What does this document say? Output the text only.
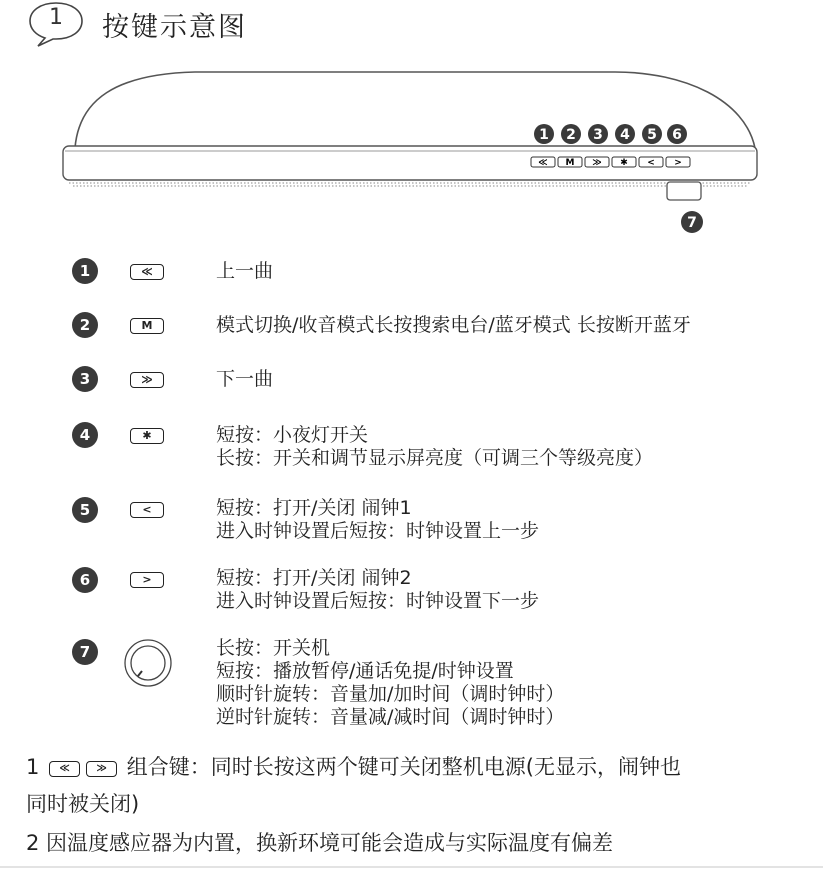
1 按键示意图
1 2 3 4 5 6
≪ M ≫ ✱ < >
7
1	≪	上一曲
2	M	模式切换/收音模式长按搜索电台/蓝牙模式 长按断开蓝牙
3	≫	下一曲
4	✱	短按：小夜灯开关
长按：开关和调节显示屏亮度（可调三个等级亮度）
5	<	短按：打开/关闭 闹钟1
进入时钟设置后短按：时钟设置上一步
6	>	短按：打开/关闭 闹钟2
进入时钟设置后短按：时钟设置下一步
7	长按：开关机
短按：播放暂停/通话免提/时钟设置
顺时针旋转：音量加/加时间（调时钟时）
逆时针旋转：音量减/减时间（调时钟时）
1 ≪	≫ 组合键：同时长按这两个键可关闭整机电源(无显示，闹钟也
同时被关闭)
2 因温度感应器为内置，换新环境可能会造成与实际温度有偏差
